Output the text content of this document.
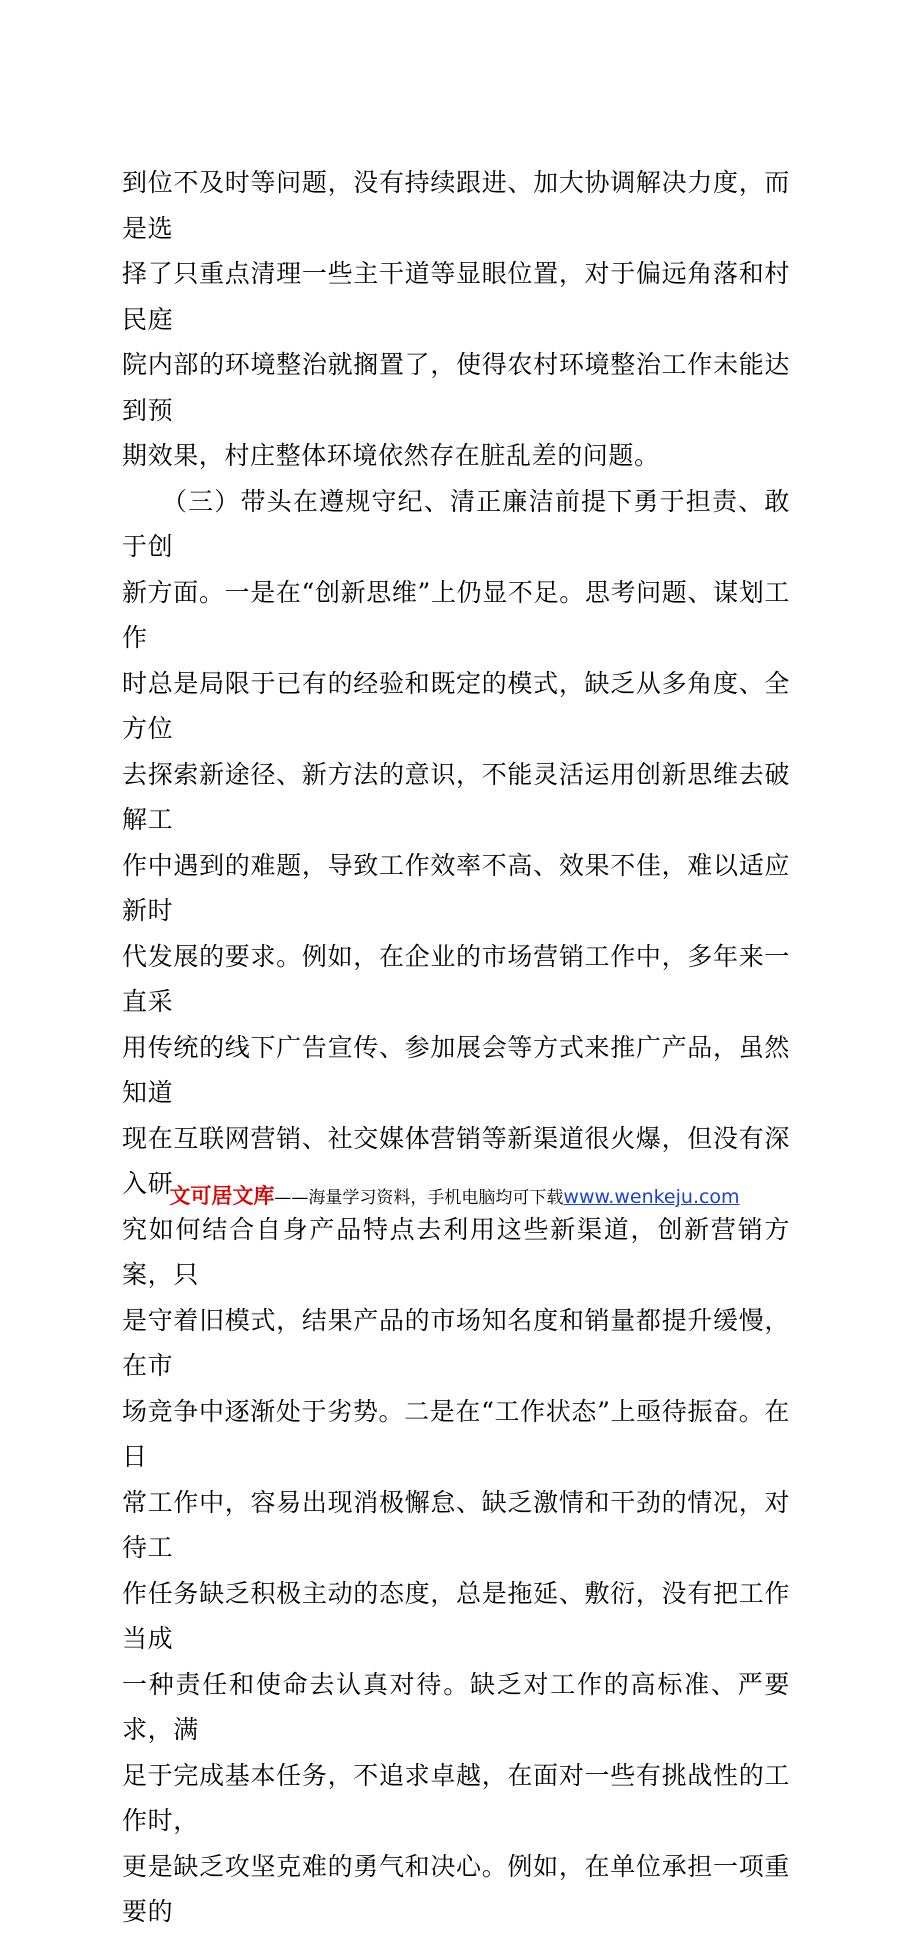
到位不及时等问题，没有持续跟进、加大协调解决力度，而是选

择了只重点清理一些主干道等显眼位置，对于偏远角落和村民庭

院内部的环境整治就搁置了，使得农村环境整治工作未能达到预

期效果，村庄整体环境依然存在脏乱差的问题。

　　（三）带头在遵规守纪、清正廉洁前提下勇于担责、敢于创

新方面。一是在“创新思维”上仍显不足。思考问题、谋划工作

时总是局限于已有的经验和既定的模式，缺乏从多角度、全方位

去探索新途径、新方法的意识，不能灵活运用创新思维去破解工

作中遇到的难题，导致工作效率不高、效果不佳，难以适应新时

代发展的要求。例如，在企业的市场营销工作中，多年来一直采

用传统的线下广告宣传、参加展会等方式来推广产品，虽然知道

现在互联网营销、社交媒体营销等新渠道很火爆，但没有深入研

究如何结合自身产品特点去利用这些新渠道，创新营销方案，只

是守着旧模式，结果产品的市场知名度和销量都提升缓慢，在市

场竞争中逐渐处于劣势。二是在“工作状态”上亟待振奋。在日

常工作中，容易出现消极懈怠、缺乏激情和干劲的情况，对待工

作任务缺乏积极主动的态度，总是拖延、敷衍，没有把工作当成

一种责任和使命去认真对待。缺乏对工作的高标准、严要求，满

足于完成基本任务，不追求卓越，在面对一些有挑战性的工作时，

更是缺乏攻坚克难的勇气和决心。例如，在单位承担一项重要的

文可居文库——海量学习资料，手机电脑均可下载www.wenkeju.com
